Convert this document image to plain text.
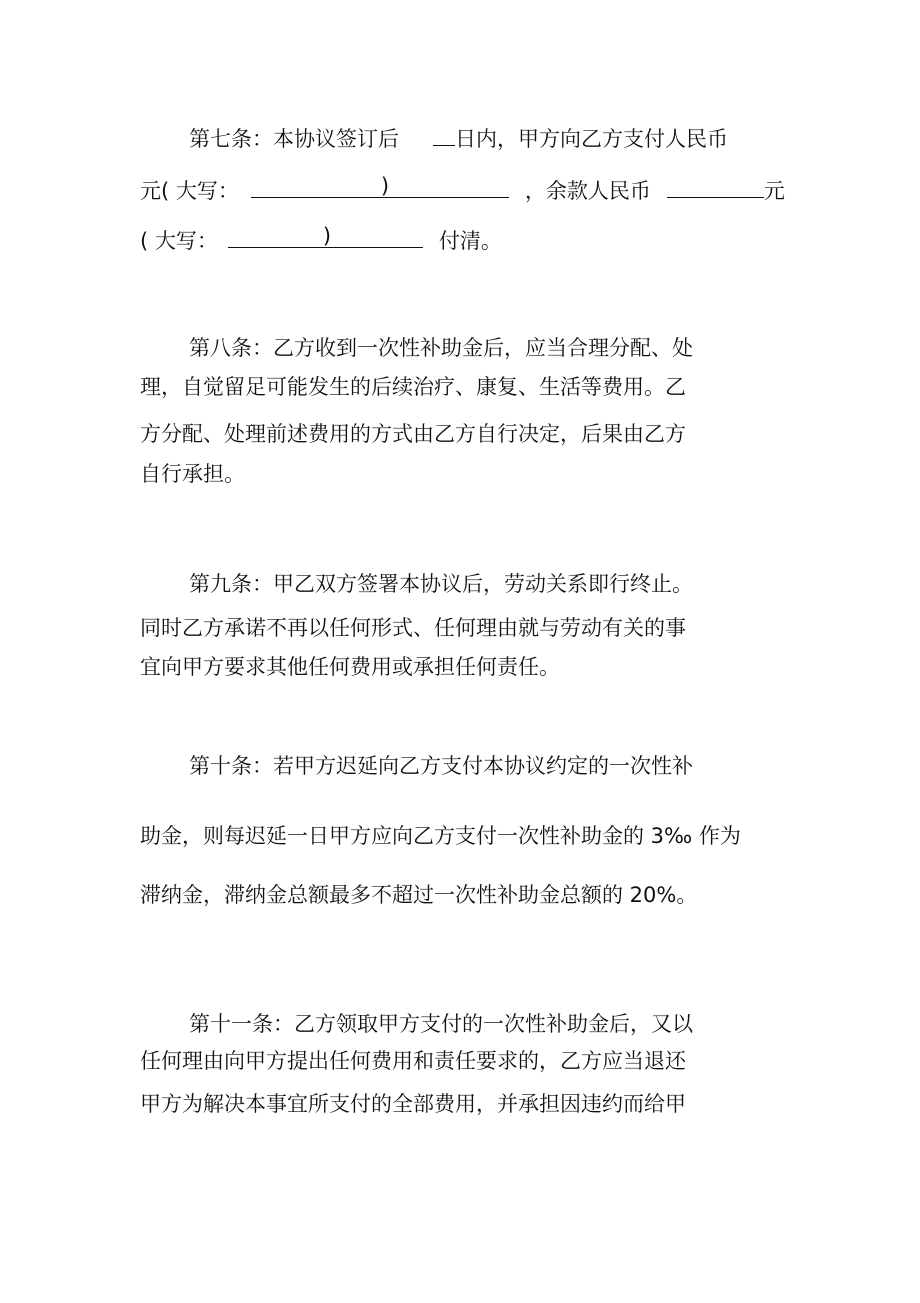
第七条：本协议签订后	日内，甲方向乙方支付人民币
元( 大写：	)	，余款人民币	元
( 大写：	)	付清。
第八条：乙方收到一次性补助金后，应当合理分配、处
理，自觉留足可能发生的后续治疗、康复、生活等费用。乙
方分配、处理前述费用的方式由乙方自行决定，后果由乙方
自行承担。
第九条：甲乙双方签署本协议后，劳动关系即行终止。
同时乙方承诺不再以任何形式、任何理由就与劳动有关的事
宜向甲方要求其他任何费用或承担任何责任。
第十条：若甲方迟延向乙方支付本协议约定的一次性补
助金，则每迟延一日甲方应向乙方支付一次性补助金的 3‰ 作为
滞纳金，滞纳金总额最多不超过一次性补助金总额的 20%。
第十一条：乙方领取甲方支付的一次性补助金后，又以
任何理由向甲方提出任何费用和责任要求的，乙方应当退还
甲方为解决本事宜所支付的全部费用，并承担因违约而给甲
